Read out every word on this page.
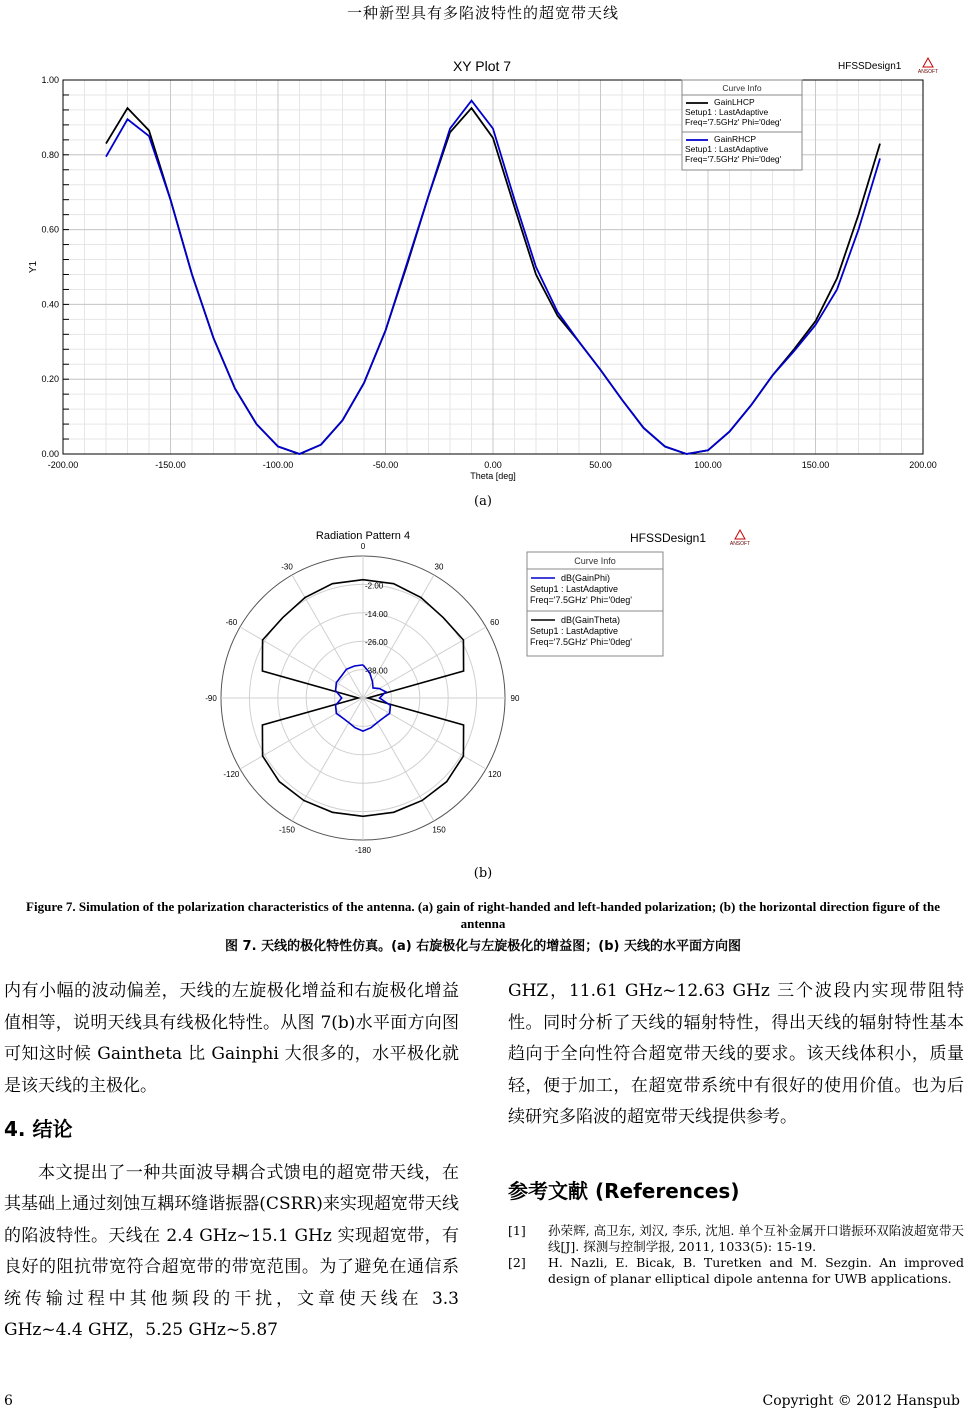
一种新型具有多陷波特性的超宽带天线
-200.00	-150.00	-100.00	-50.00	0.00	50.00	100.00	150.00	200.00
0.00
0.20
0.40
0.60
0.80
1.00
Theta [deg]
Y1
XY Plot 7	HFSSDesign1	ANSOFT
Curve Info
GainLHCP
Setup1 : LastAdaptive
Freq='7.5GHz' Phi='0deg'
GainRHCP
Setup1 : LastAdaptive
Freq='7.5GHz' Phi='0deg'
(a)
0
30
60
90
120
150
-180
-150
-120
-90
-60
-30
-2.00
-14.00
-26.00
-38.00
Radiation Pattern 4	HFSSDesign1	ANSOFT
Curve Info
dB(GainPhi)
Setup1 : LastAdaptive
Freq='7.5GHz' Phi='0deg'
dB(GainTheta)
Setup1 : LastAdaptive
Freq='7.5GHz' Phi='0deg'
(b)
Figure 7. Simulation of the polarization characteristics of the antenna. (a) gain of right-handed and left-handed polarization; (b) the horizontal direction figure of the antenna
图 7. 天线的极化特性仿真。(a) 右旋极化与左旋极化的增益图；(b) 天线的水平面方向图

内有小幅的波动偏差，天线的左旋极化增益和右旋极化增益值相等，说明天线具有线极化特性。从图 7(b)水平面方向图可知这时候 Gaintheta 比 Gainphi 大很多的，水平极化就是该天线的主极化。

4. 结论

本文提出了一种共面波导耦合式馈电的超宽带天线，在其基础上通过刻蚀互耦环缝谐振器(CSRR)来实现超宽带天线的陷波特性。天线在 2.4 GHz~15.1 GHz 实现超宽带，有良好的阻抗带宽符合超宽带的带宽范围。为了避免在通信系统传输过程中其他频段的干扰，文章使天线在 3.3 GHz~4.4 GHZ，5.25 GHz~5.87

GHZ，11.61 GHz~12.63 GHz 三个波段内实现带阻特性。同时分析了天线的辐射特性，得出天线的辐射特性基本趋向于全向性符合超宽带天线的要求。该天线体积小，质量轻，便于加工，在超宽带系统中有很好的使用价值。也为后续研究多陷波的超宽带天线提供参考。

参考文献 (References)
[1]	孙荣辉, 高卫东, 刘汉, 李乐, 沈旭. 单个互补金属开口谐振环双陷波超宽带天线[J]. 探测与控制学报, 2011, 1033(5): 15-19.
[2]	H. Nazli, E. Bicak, B. Turetken and M. Sezgin. An improved design of planar elliptical dipole antenna for UWB applications.
6	Copyright © 2012 Hanspub
